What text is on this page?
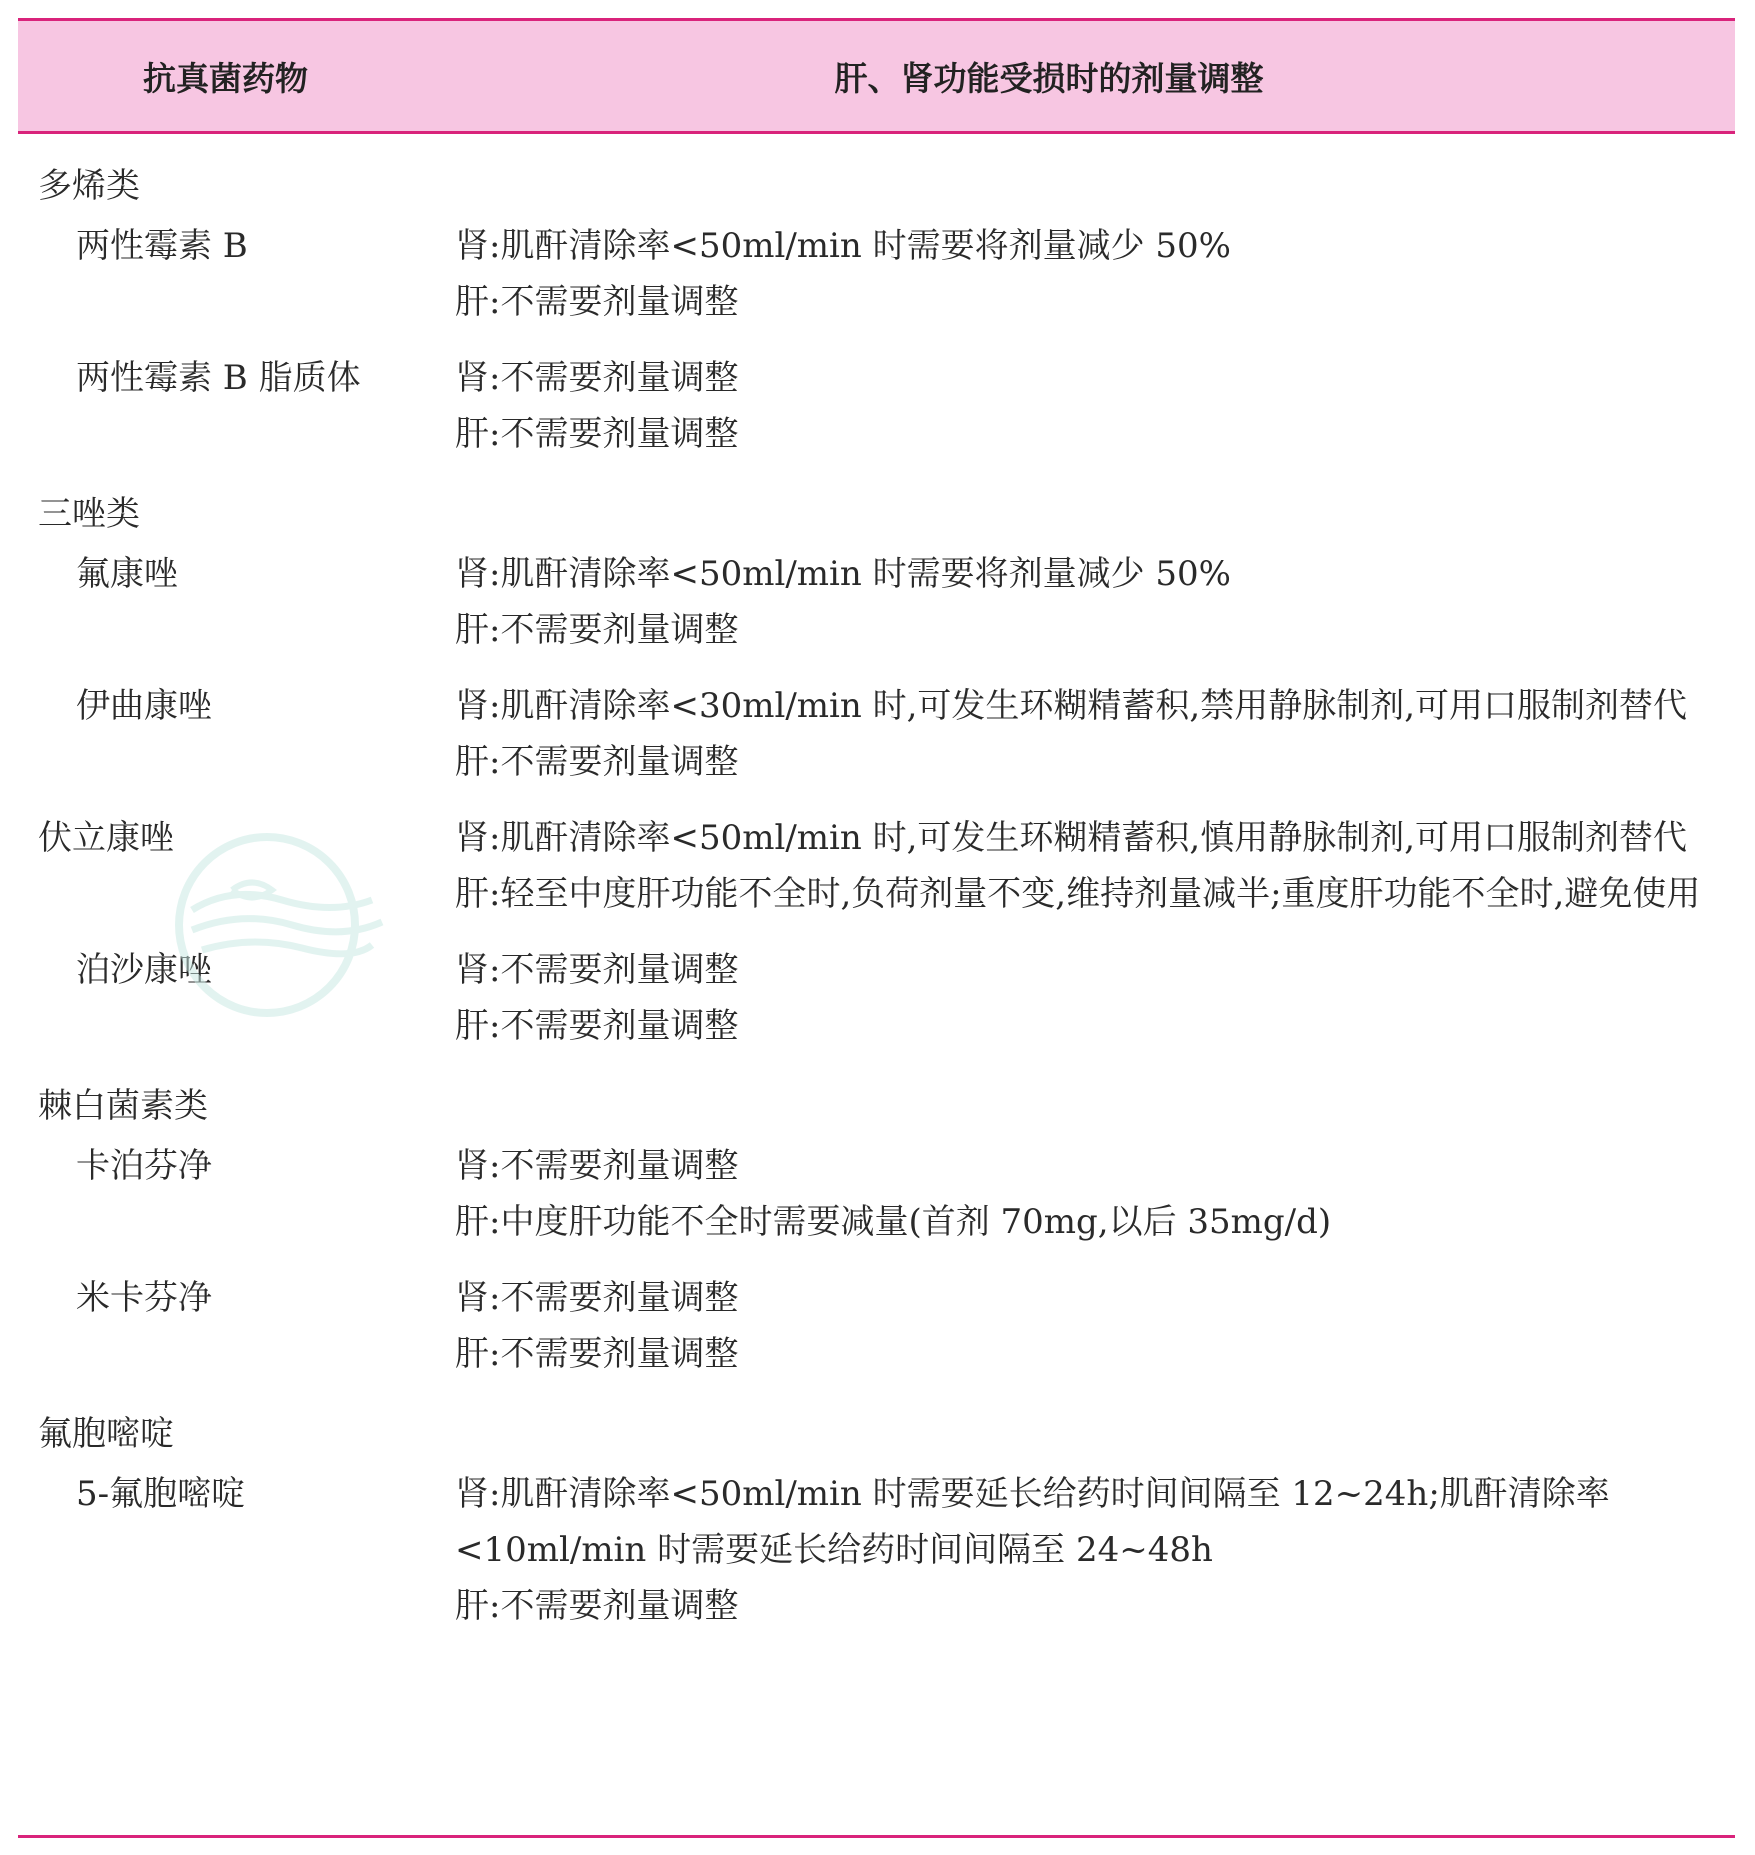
抗真菌药物	肝、肾功能受损时的剂量调整
多烯类
两性霉素 B	肾:肌酐清除率<50ml/min 时需要将剂量减少 50%
肝:不需要剂量调整
两性霉素 B 脂质体	肾:不需要剂量调整
肝:不需要剂量调整
三唑类
氟康唑	肾:肌酐清除率<50ml/min 时需要将剂量减少 50%
肝:不需要剂量调整
伊曲康唑	肾:肌酐清除率<30ml/min 时,可发生环糊精蓄积,禁用静脉制剂,可用口服制剂替代
肝:不需要剂量调整
伏立康唑	肾:肌酐清除率<50ml/min 时,可发生环糊精蓄积,慎用静脉制剂,可用口服制剂替代
肝:轻至中度肝功能不全时,负荷剂量不变,维持剂量减半;重度肝功能不全时,避免使用
泊沙康唑	肾:不需要剂量调整
肝:不需要剂量调整
棘白菌素类
卡泊芬净	肾:不需要剂量调整
肝:中度肝功能不全时需要减量(首剂 70mg,以后 35mg/d)
米卡芬净	肾:不需要剂量调整
肝:不需要剂量调整
氟胞嘧啶
5-氟胞嘧啶	肾:肌酐清除率<50ml/min 时需要延长给药时间间隔至 12~24h;肌酐清除率<10ml/min 时需要延长给药时间间隔至 24~48h
肝:不需要剂量调整
